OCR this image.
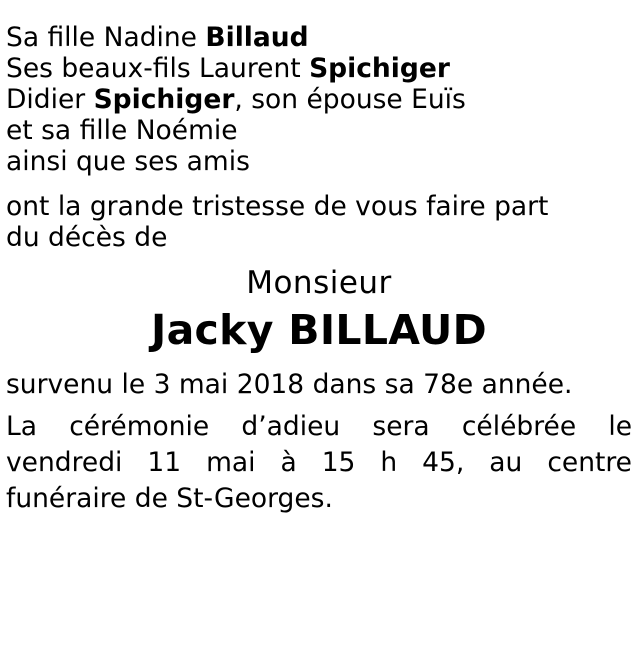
Sa fille Nadine Billaud
Ses beaux-fils Laurent Spichiger
Didier Spichiger, son épouse Euïs
et sa fille Noémie
ainsi que ses amis
ont la grande tristesse de vous faire part
du décès de
Monsieur
Jacky BILLAUD
survenu le 3 mai 2018 dans sa 78e année.
La cérémonie d’adieu sera célébrée le
vendredi 11 mai à 15 h 45, au centre
funéraire de St-Georges.
